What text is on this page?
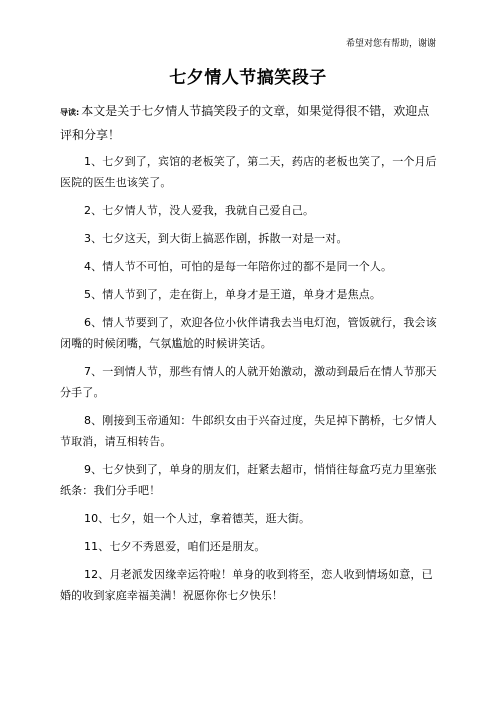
希望对您有帮助，谢谢
七夕情人节搞笑段子
导读: 本文是关于七夕情人节搞笑段子的文章，如果觉得很不错，欢迎点评和分享！

1、七夕到了，宾馆的老板笑了，第二天，药店的老板也笑了，一个月后医院的医生也该笑了。

2、七夕情人节，没人爱我，我就自己爱自己。

3、七夕这天，到大街上搞恶作剧，拆散一对是一对。

4、情人节不可怕，可怕的是每一年陪你过的都不是同一个人。

5、情人节到了，走在街上，单身才是王道，单身才是焦点。

6、情人节要到了，欢迎各位小伙伴请我去当电灯泡，管饭就行，我会该闭嘴的时候闭嘴，气氛尴尬的时候讲笑话。

7、一到情人节，那些有情人的人就开始激动，激动到最后在情人节那天分手了。

8、刚接到玉帝通知：牛郎织女由于兴奋过度，失足掉下鹊桥，七夕情人节取消，请互相转告。

9、七夕快到了，单身的朋友们，赶紧去超市，悄悄往每盒巧克力里塞张纸条：我们分手吧！

10、七夕，姐一个人过，拿着德芙，逛大街。

11、七夕不秀恩爱，咱们还是朋友。

12、月老派发因缘幸运符啦！单身的收到将至，恋人收到情场如意，已婚的收到家庭幸福美满！祝愿你你七夕快乐！
